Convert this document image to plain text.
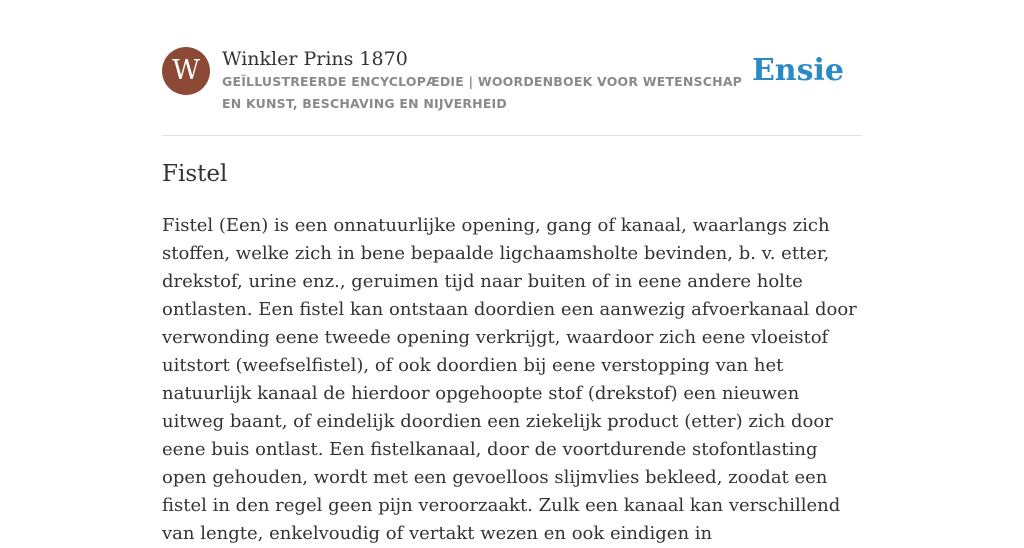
W	Winkler Prins 1870
GEÏLLUSTREERDE ENCYCLOPÆDIE | WOORDENBOEK VOOR WETENSCHAP EN KUNST, BESCHAVING EN NIJVERHEID
Ensie
Fistel

Fistel (Een) is een onnatuurlijke opening, gang of kanaal, waarlangs zich stoffen, welke zich in bene bepaalde ligchaamsholte bevinden, b. v. etter, drekstof, urine enz., geruimen tijd naar buiten of in eene andere holte ontlasten. Een fistel kan ontstaan doordien een aanwezig afvoerkanaal door verwonding eene tweede opening verkrijgt, waardoor zich eene vloeistof uitstort (weefselfistel), of ook doordien bij eene verstopping van het natuurlijk kanaal de hierdoor opgehoopte stof (drekstof) een nieuwen uitweg baant, of eindelijk doordien een ziekelijk product (etter) zich door eene buis ontlast. Een fistelkanaal, door de voortdurende stofontlasting open gehouden, wordt met een gevoelloos slijmvlies bekleed, zoodat een fistel in den regel geen pijn veroorzaakt. Zulk een kanaal kan verschillend van lengte, enkelvoudig of vertakt wezen en ook eindigen in
